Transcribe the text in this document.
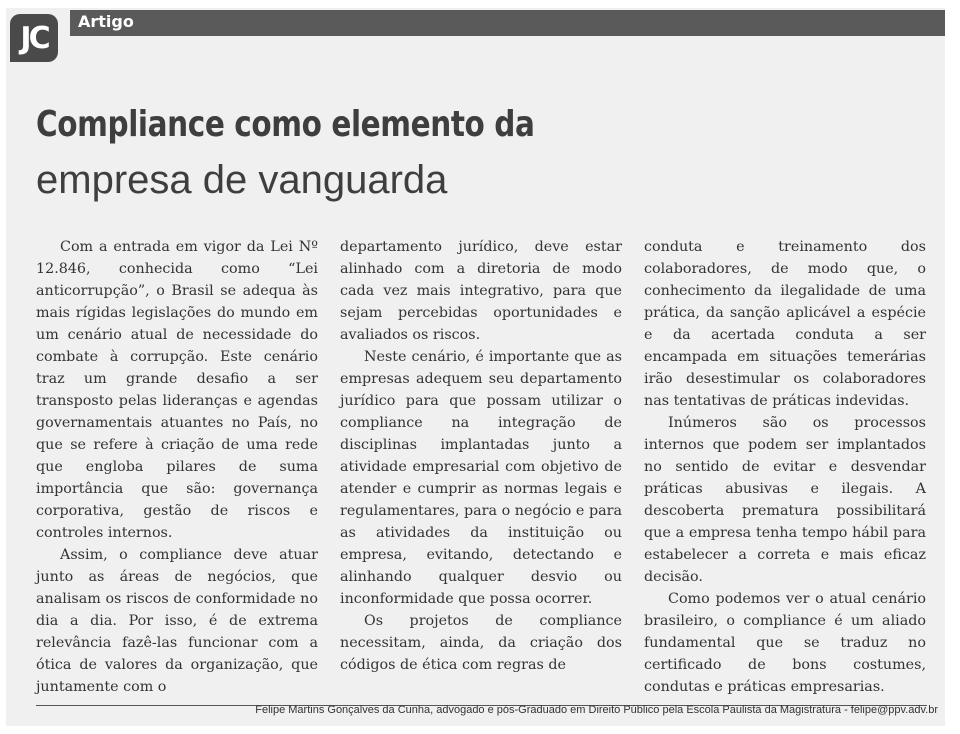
JC	Artigo
Compliance como elemento da
empresa de vanguarda

Com a entrada em vigor da Lei Nº 12.846, conhecida como “Lei anticorrupção”, o Brasil se adequa às mais rígidas legislações do mundo em um cenário atual de necessidade do combate à corrupção. Este cenário traz um grande desafio a ser transposto pelas lideranças e agendas governamentais atuantes no País, no que se refere à criação de uma rede que engloba pilares de suma importância que são: governança corporativa, gestão de riscos e controles internos.

Assim, o compliance deve atuar junto as áreas de negócios, que analisam os riscos de conformidade no dia a dia. Por isso, é de extrema relevância fazê-las funcionar com a ótica de valores da organização, que juntamente com o

departamento jurídico, deve estar alinhado com a diretoria de modo cada vez mais integrativo, para que sejam percebidas oportunidades e avaliados os riscos.

Neste cenário, é importante que as empresas adequem seu departamento jurídico para que possam utilizar o compliance na integração de disciplinas implantadas junto a atividade empresarial com objetivo de atender e cumprir as normas legais e regulamentares, para o negócio e para as atividades da instituição ou empresa, evitando, detectando e alinhando qualquer desvio ou inconformidade que possa ocorrer.

Os projetos de compliance necessitam, ainda, da criação dos códigos de ética com regras de

conduta e treinamento dos colaboradores, de modo que, o conhecimento da ilegalidade de uma prática, da sanção aplicável a espécie e da acertada conduta a ser encampada em situações temerárias irão desestimular os colaboradores nas tentativas de práticas indevidas.

Inúmeros são os processos internos que podem ser implantados no sentido de evitar e desvendar práticas abusivas e ilegais. A descoberta prematura possibilitará que a empresa tenha tempo hábil para estabelecer a correta e mais eficaz decisão.

Como podemos ver o atual cenário brasileiro, o compliance é um aliado fundamental que se traduz no certificado de bons costumes, condutas e práticas empresarias.

Felipe Martins Gonçalves da Cunha, advogado e pós-Graduado em Direito Público pela Escola Paulista da Magistratura - felipe@ppv.adv.br
